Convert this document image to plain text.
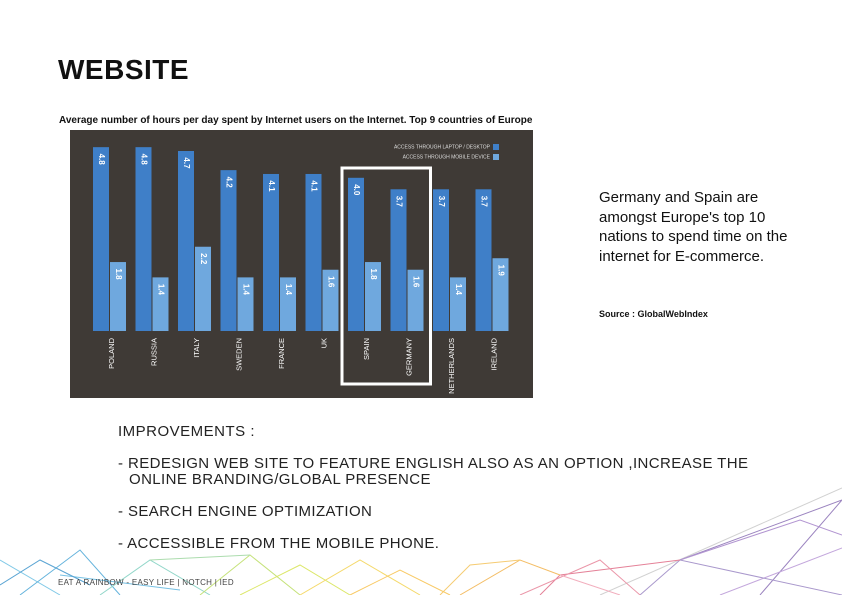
WEBSITE
Average number of hours per day spent by Internet users on the Internet. Top 9 countries of Europe
4.8
1.8
POLAND
4.8
1.4
RUSSIA
4.7
2.2
ITALY
4.2
1.4
SWEDEN
4.1
1.4
FRANCE
4.1
1.6
UK
4.0
1.8
SPAIN
3.7
1.6
GERMANY
3.7
1.4
NETHERLANDS
3.7
1.9
IRELAND
ACCESS THROUGH LAPTOP / DESKTOP
ACCESS THROUGH MOBILE DEVICE
Germany and Spain are amongst Europe's top 10 nations to spend time on the internet for E-commerce.
Source : GlobalWebIndex
IMPROVEMENTS :
- REDESIGN WEB SITE TO FEATURE ENGLISH ALSO AS AN OPTION ,INCREASE THE ONLINE BRANDING/GLOBAL PRESENCE
- SEARCH ENGINE OPTIMIZATION
- ACCESSIBLE FROM THE MOBILE PHONE.
EAT A RAINBOW - EASY LIFE | NOTCH | IED
